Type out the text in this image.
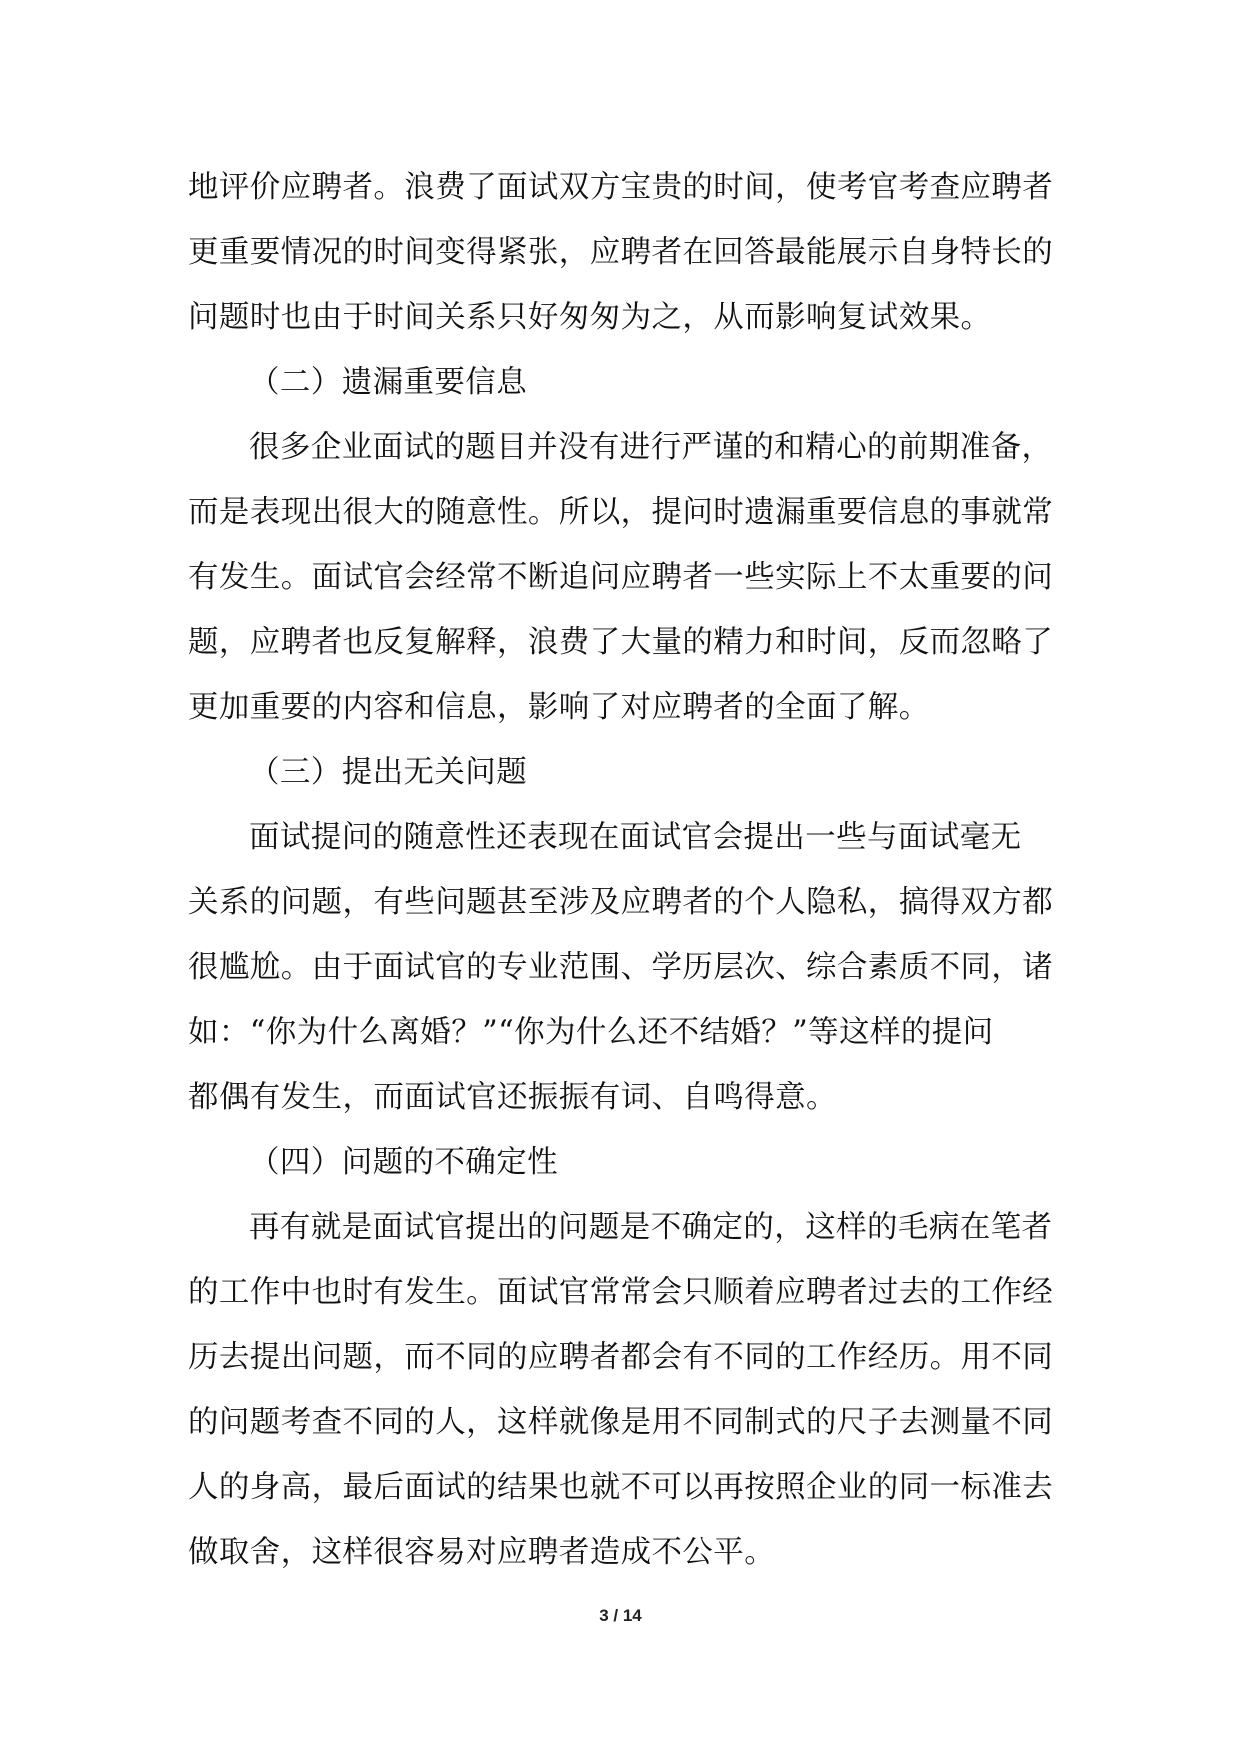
地评价应聘者。浪费了面试双方宝贵的时间，使考官考查应聘者
更重要情况的时间变得紧张，应聘者在回答最能展示自身特长的
问题时也由于时间关系只好匆匆为之，从而影响复试效果。
（二）遗漏重要信息
很多企业面试的题目并没有进行严谨的和精心的前期准备，
而是表现出很大的随意性。所以，提问时遗漏重要信息的事就常
有发生。面试官会经常不断追问应聘者一些实际上不太重要的问
题，应聘者也反复解释，浪费了大量的精力和时间，反而忽略了
更加重要的内容和信息，影响了对应聘者的全面了解。
（三）提出无关问题
面试提问的随意性还表现在面试官会提出一些与面试毫无
关系的问题，有些问题甚至涉及应聘者的个人隐私，搞得双方都
很尴尬。由于面试官的专业范围、学历层次、综合素质不同，诸
如：“你为什么离婚？”“你为什么还不结婚？”等这样的提问
都偶有发生，而面试官还振振有词、自鸣得意。
（四）问题的不确定性
再有就是面试官提出的问题是不确定的，这样的毛病在笔者
的工作中也时有发生。面试官常常会只顺着应聘者过去的工作经
历去提出问题，而不同的应聘者都会有不同的工作经历。用不同
的问题考查不同的人，这样就像是用不同制式的尺子去测量不同
人的身高，最后面试的结果也就不可以再按照企业的同一标准去
做取舍，这样很容易对应聘者造成不公平。
3 / 14
